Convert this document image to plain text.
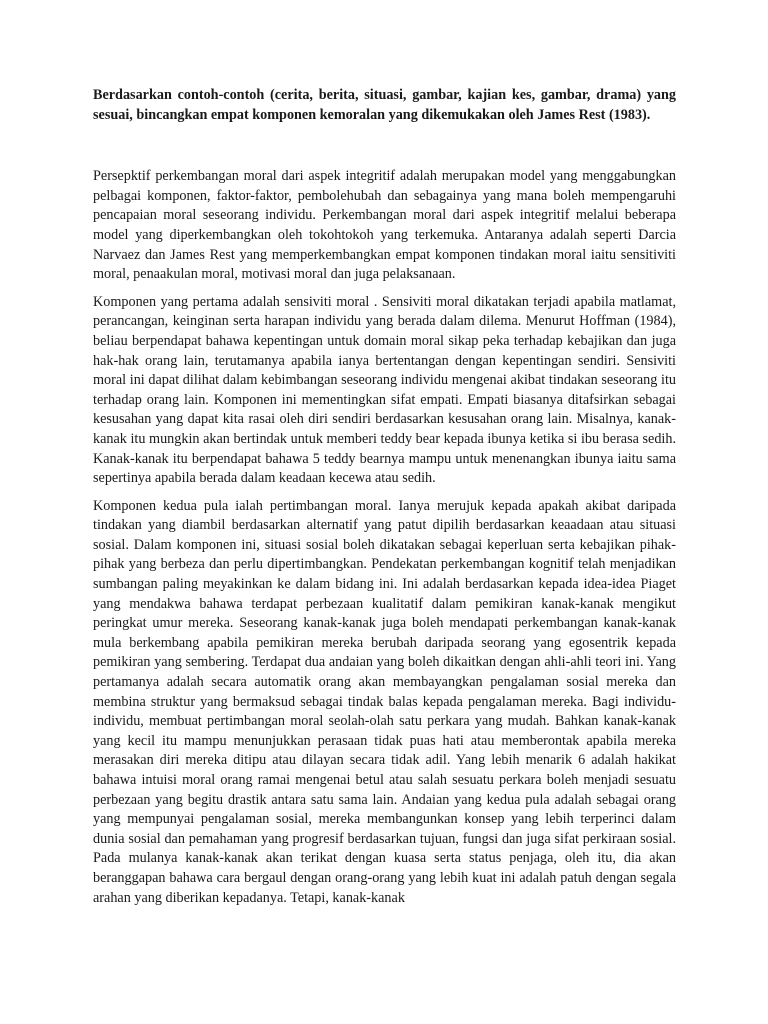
Berdasarkan contoh-contoh (cerita, berita, situasi, gambar, kajian kes, gambar, drama) yang sesuai, bincangkan empat komponen kemoralan yang dikemukakan oleh James Rest (1983).

Persepktif perkembangan moral dari aspek integritif adalah merupakan model yang menggabungkan pelbagai komponen, faktor-faktor, pembolehubah dan sebagainya yang mana boleh mempengaruhi pencapaian moral seseorang individu. Perkembangan moral dari aspek integritif melalui beberapa model yang diperkembangkan oleh tokohtokoh yang terkemuka. Antaranya adalah seperti Darcia Narvaez dan James Rest yang memperkembangkan empat komponen tindakan moral iaitu sensitiviti moral, penaakulan moral, motivasi moral dan juga pelaksanaan.

Komponen yang pertama adalah sensiviti moral . Sensiviti moral dikatakan terjadi apabila matlamat, perancangan, keinginan serta harapan individu yang berada dalam dilema. Menurut Hoffman (1984), beliau berpendapat bahawa kepentingan untuk domain moral sikap peka terhadap kebajikan dan juga hak-hak orang lain, terutamanya apabila ianya bertentangan dengan kepentingan sendiri. Sensiviti moral ini dapat dilihat dalam kebimbangan seseorang individu mengenai akibat tindakan seseorang itu terhadap orang lain. Komponen ini mementingkan sifat empati. Empati biasanya ditafsirkan sebagai kesusahan yang dapat kita rasai oleh diri sendiri berdasarkan kesusahan orang lain. Misalnya, kanak-kanak itu mungkin akan bertindak untuk memberi teddy bear kepada ibunya ketika si ibu berasa sedih. Kanak-kanak itu berpendapat bahawa 5 teddy bearnya mampu untuk menenangkan ibunya iaitu sama sepertinya apabila berada dalam keadaan kecewa atau sedih.

Komponen kedua pula ialah pertimbangan moral. Ianya merujuk kepada apakah akibat daripada tindakan yang diambil berdasarkan alternatif yang patut dipilih berdasarkan keaadaan atau situasi sosial. Dalam komponen ini, situasi sosial boleh dikatakan sebagai keperluan serta kebajikan pihak-pihak yang berbeza dan perlu dipertimbangkan. Pendekatan perkembangan kognitif telah menjadikan sumbangan paling meyakinkan ke dalam bidang ini. Ini adalah berdasarkan kepada idea-idea Piaget yang mendakwa bahawa terdapat perbezaan kualitatif dalam pemikiran kanak-kanak mengikut peringkat umur mereka. Seseorang kanak-kanak juga boleh mendapati perkembangan kanak-kanak mula berkembang apabila pemikiran mereka berubah daripada seorang yang egosentrik kepada pemikiran yang sembering. Terdapat dua andaian yang boleh dikaitkan dengan ahli-ahli teori ini. Yang pertamanya adalah secara automatik orang akan membayangkan pengalaman sosial mereka dan membina struktur yang bermaksud sebagai tindak balas kepada pengalaman mereka. Bagi individu-individu, membuat pertimbangan moral seolah-olah satu perkara yang mudah. Bahkan kanak-kanak yang kecil itu mampu menunjukkan perasaan tidak puas hati atau memberontak apabila mereka merasakan diri mereka ditipu atau dilayan secara tidak adil. Yang lebih menarik 6 adalah hakikat bahawa intuisi moral orang ramai mengenai betul atau salah sesuatu perkara boleh menjadi sesuatu perbezaan yang begitu drastik antara satu sama lain. Andaian yang kedua pula adalah sebagai orang yang mempunyai pengalaman sosial, mereka membangunkan konsep yang lebih terperinci dalam dunia sosial dan pemahaman yang progresif berdasarkan tujuan, fungsi dan juga sifat perkiraan sosial. Pada mulanya kanak-kanak akan terikat dengan kuasa serta status penjaga, oleh itu, dia akan beranggapan bahawa cara bergaul dengan orang-orang yang lebih kuat ini adalah patuh dengan segala arahan yang diberikan kepadanya. Tetapi, kanak-kanak
